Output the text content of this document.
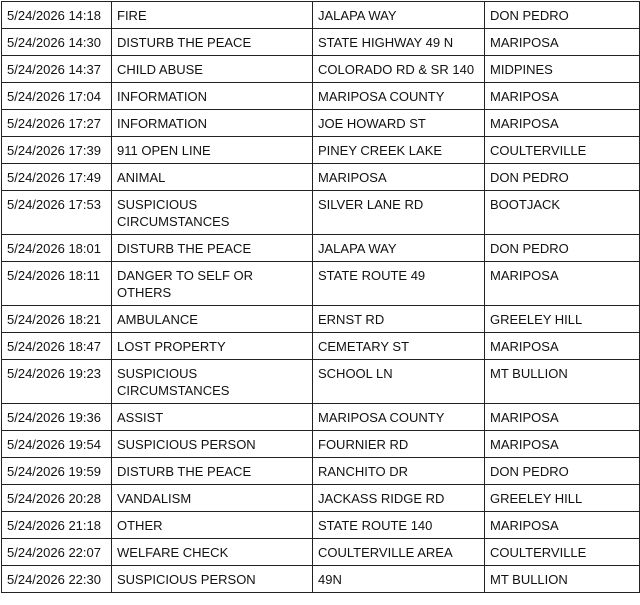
5/24/2026 14:18	FIRE	JALAPA WAY	DON PEDRO
5/24/2026 14:30	DISTURB THE PEACE	STATE HIGHWAY 49 N	MARIPOSA
5/24/2026 14:37	CHILD ABUSE	COLORADO RD & SR 140	MIDPINES
5/24/2026 17:04	INFORMATION	MARIPOSA COUNTY	MARIPOSA
5/24/2026 17:27	INFORMATION	JOE HOWARD ST	MARIPOSA
5/24/2026 17:39	911 OPEN LINE	PINEY CREEK LAKE	COULTERVILLE
5/24/2026 17:49	ANIMAL	MARIPOSA	DON PEDRO
5/24/2026 17:53	SUSPICIOUS CIRCUMSTANCES	SILVER LANE RD	BOOTJACK
5/24/2026 18:01	DISTURB THE PEACE	JALAPA WAY	DON PEDRO
5/24/2026 18:11	DANGER TO SELF OR OTHERS	STATE ROUTE 49	MARIPOSA
5/24/2026 18:21	AMBULANCE	ERNST RD	GREELEY HILL
5/24/2026 18:47	LOST PROPERTY	CEMETARY ST	MARIPOSA
5/24/2026 19:23	SUSPICIOUS CIRCUMSTANCES	SCHOOL LN	MT BULLION
5/24/2026 19:36	ASSIST	MARIPOSA COUNTY	MARIPOSA
5/24/2026 19:54	SUSPICIOUS PERSON	FOURNIER RD	MARIPOSA
5/24/2026 19:59	DISTURB THE PEACE	RANCHITO DR	DON PEDRO
5/24/2026 20:28	VANDALISM	JACKASS RIDGE RD	GREELEY HILL
5/24/2026 21:18	OTHER	STATE ROUTE 140	MARIPOSA
5/24/2026 22:07	WELFARE CHECK	COULTERVILLE AREA	COULTERVILLE
5/24/2026 22:30	SUSPICIOUS PERSON	49N	MT BULLION
